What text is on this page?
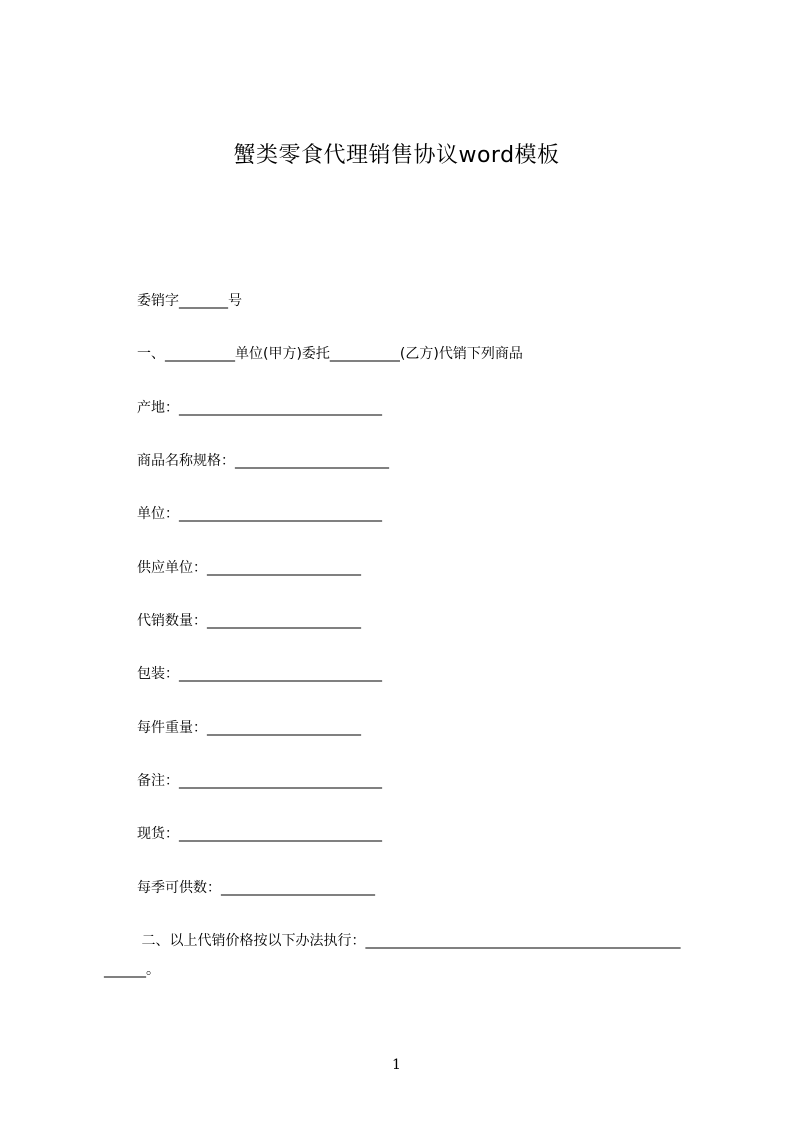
蟹类零食代理销售协议word模板
委销字_______号
一、__________单位(甲方)委托__________(乙方)代销下列商品
产地：_____________________________
商品名称规格：______________________
单位：_____________________________
供应单位：______________________
代销数量：______________________
包装：_____________________________
每件重量：______________________
备注：_____________________________
现货：_____________________________
每季可供数：______________________
二、以上代销价格按以下办法执行：_____________________________________________
______。
1
